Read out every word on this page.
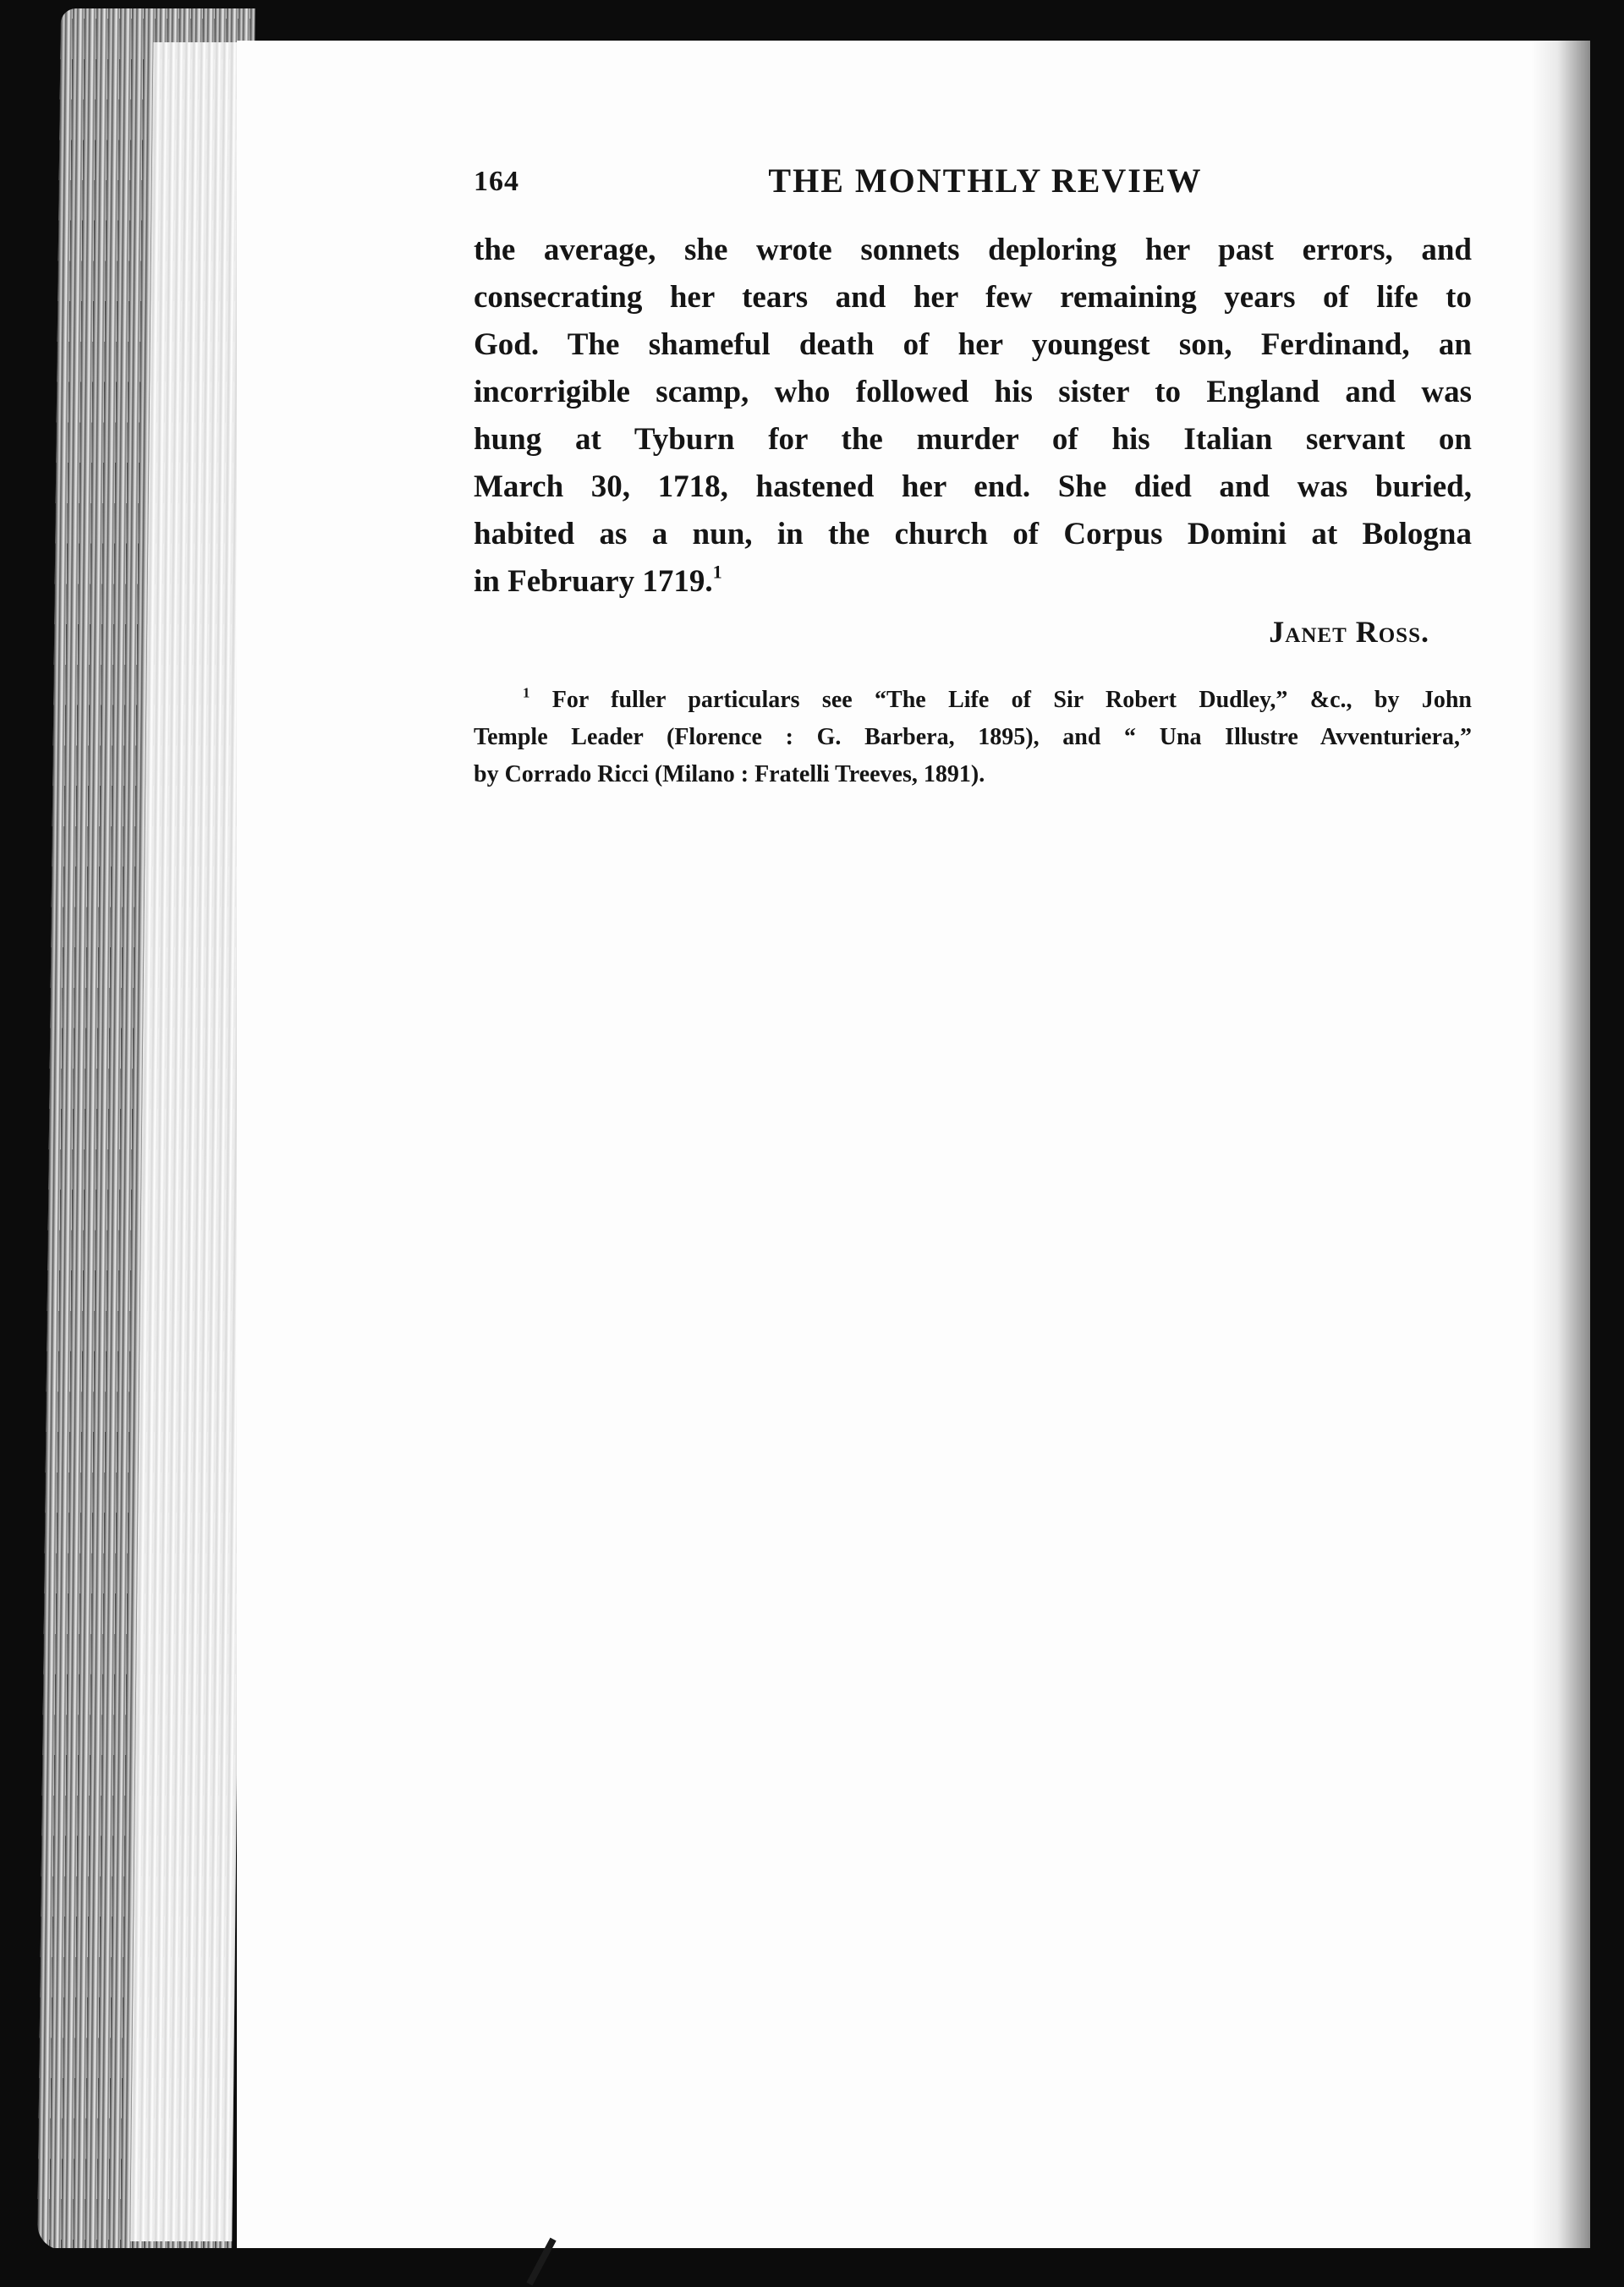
164	THE MONTHLY REVIEW
the average, she wrote sonnets deploring her past errors, and
consecrating her tears and her few remaining years of life to
God. The shameful death of her youngest son, Ferdinand, an
incorrigible scamp, who followed his sister to England and was
hung at Tyburn for the murder of his Italian servant on
March 30, 1718, hastened her end. She died and was buried,
habited as a nun, in the church of Corpus Domini at Bologna
in February 1719.$^1$
Janet Ross.
$^1$ For fuller particulars see “The Life of Sir Robert Dudley,” &c., by John
Temple Leader (Florence : G. Barbera, 1895), and “ Una Illustre Avventuriera,”
by Corrado Ricci (Milano : Fratelli Treeves, 1891).
